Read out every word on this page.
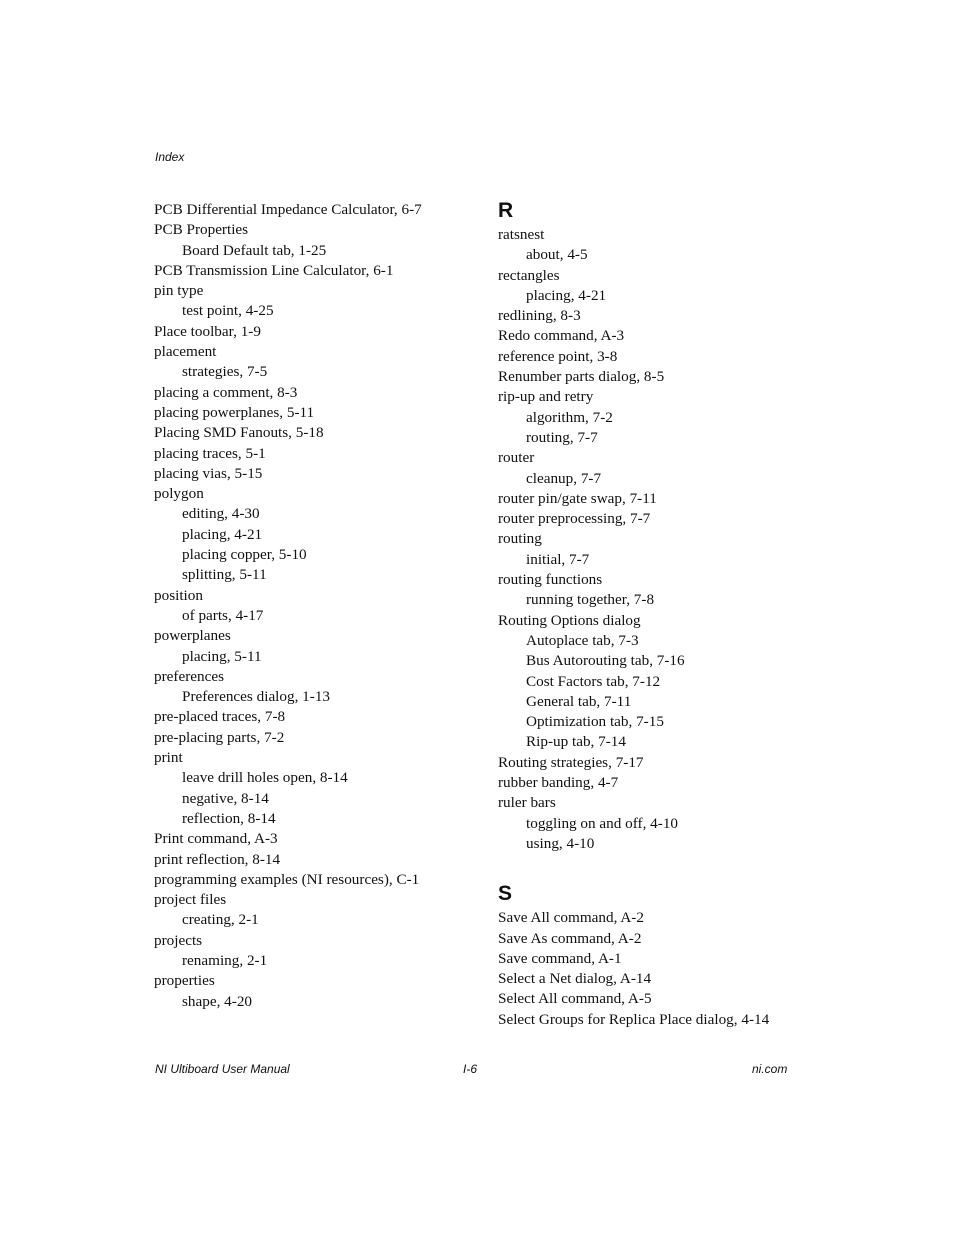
Index
PCB Differential Impedance Calculator, 6-7
PCB Properties
Board Default tab, 1-25
PCB Transmission Line Calculator, 6-1
pin type
test point, 4-25
Place toolbar, 1-9
placement
strategies, 7-5
placing a comment, 8-3
placing powerplanes, 5-11
Placing SMD Fanouts, 5-18
placing traces, 5-1
placing vias, 5-15
polygon
editing, 4-30
placing, 4-21
placing copper, 5-10
splitting, 5-11
position
of parts, 4-17
powerplanes
placing, 5-11
preferences
Preferences dialog, 1-13
pre-placed traces, 7-8
pre-placing parts, 7-2
print
leave drill holes open, 8-14
negative, 8-14
reflection, 8-14
Print command, A-3
print reflection, 8-14
programming examples (NI resources), C-1
project files
creating, 2-1
projects
renaming, 2-1
properties
shape, 4-20
R
ratsnest
about, 4-5
rectangles
placing, 4-21
redlining, 8-3
Redo command, A-3
reference point, 3-8
Renumber parts dialog, 8-5
rip-up and retry
algorithm, 7-2
routing, 7-7
router
cleanup, 7-7
router pin/gate swap, 7-11
router preprocessing, 7-7
routing
initial, 7-7
routing functions
running together, 7-8
Routing Options dialog
Autoplace tab, 7-3
Bus Autorouting tab, 7-16
Cost Factors tab, 7-12
General tab, 7-11
Optimization tab, 7-15
Rip-up tab, 7-14
Routing strategies, 7-17
rubber banding, 4-7
ruler bars
toggling on and off, 4-10
using, 4-10
S
Save All command, A-2
Save As command, A-2
Save command, A-1
Select a Net dialog, A-14
Select All command, A-5
Select Groups for Replica Place dialog, 4-14
NI Ultiboard User Manual	I-6	ni.com
